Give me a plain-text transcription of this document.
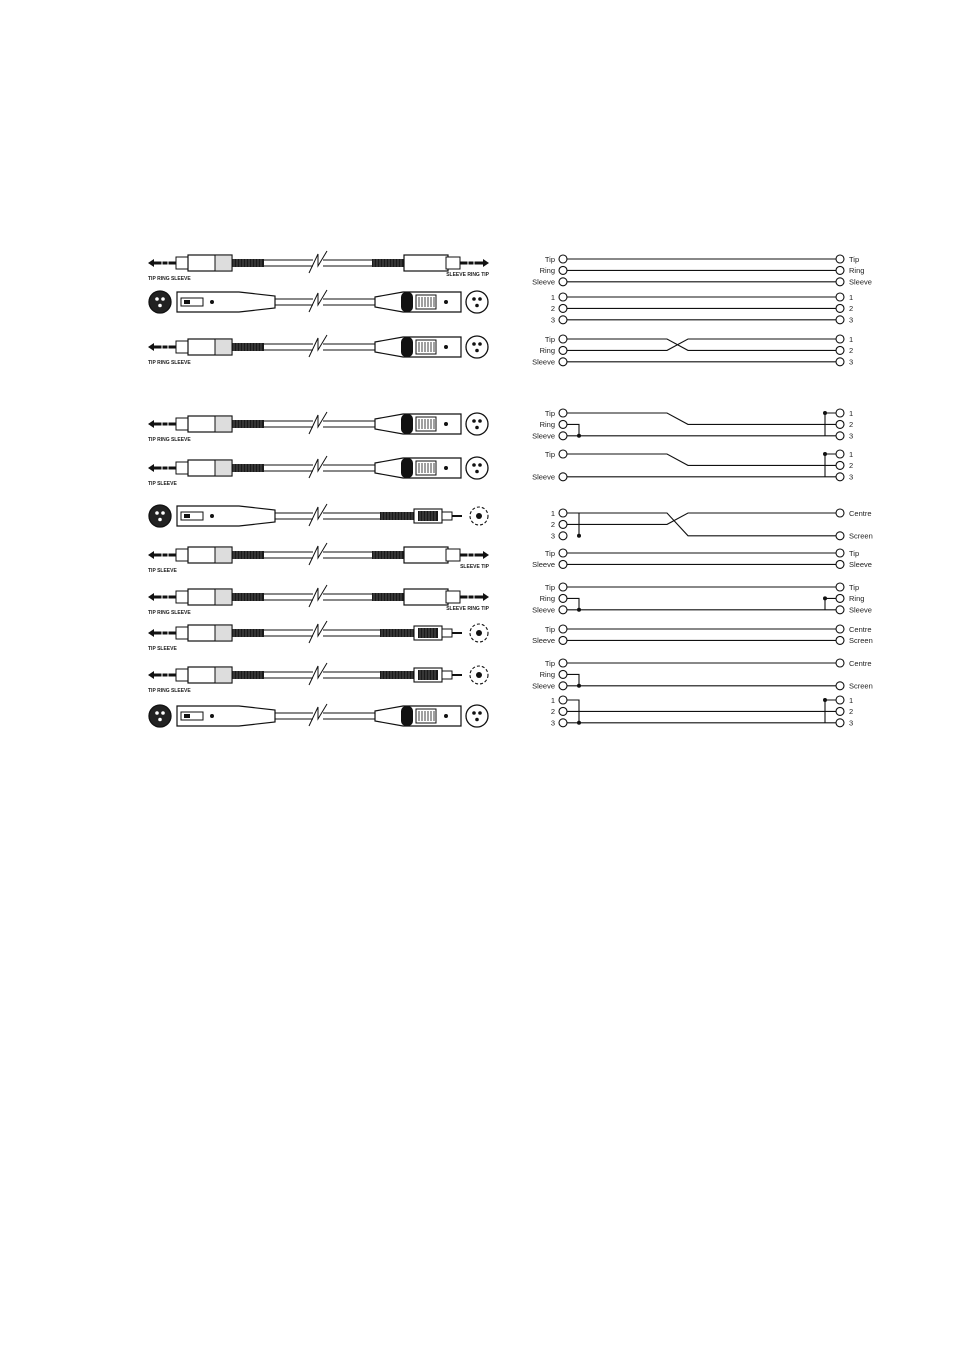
TIP RING SLEEVE
SLEEVE RING TIP
TIP RING SLEEVE
TIP RING SLEEVE
TIP SLEEVE
TIP SLEEVE
SLEEVE TIP
TIP RING SLEEVE
SLEEVE RING TIP
TIP SLEEVE
TIP RING SLEEVE
Tip
Ring
Sleeve
Tip
Ring
Sleeve
1
2
3
1
2
3
Tip
Ring
Sleeve
1
2
3
Tip
Ring
Sleeve
1
2
3
Tip
Sleeve
1
2
3
1
2
3
Centre
Screen
Tip
Sleeve
Tip
Sleeve
Tip
Ring
Sleeve
Tip
Ring
Sleeve
Tip
Sleeve
Centre
Screen
Tip
Ring
Sleeve
Centre
Screen
1
2
3
1
2
3
